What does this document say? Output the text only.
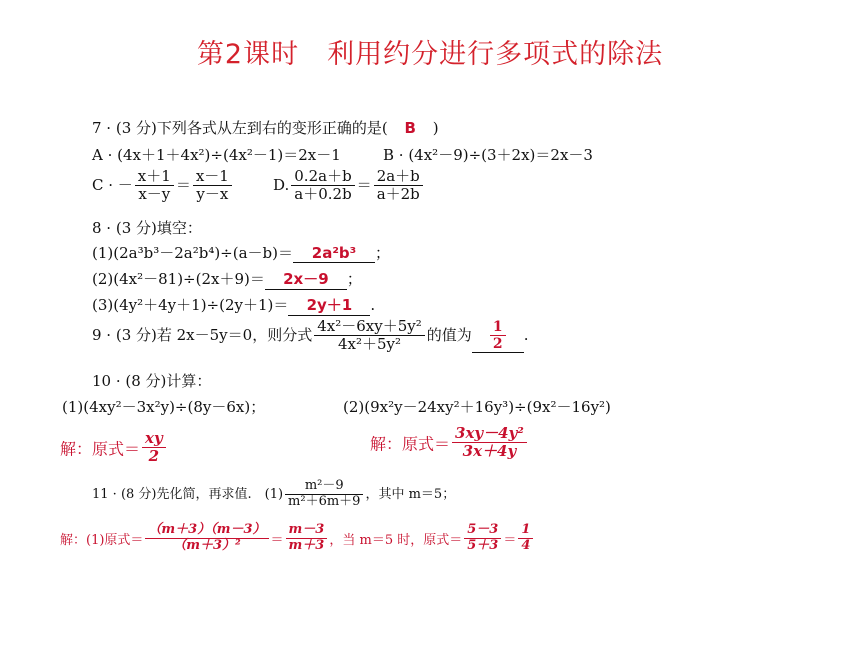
第2课时　利用约分进行多项式的除法
7 · (3 分)下列各式从左到右的变形正确的是( B )
A · (4x＋1＋4x²)÷(4x²－1)＝2x－1	B · (4x²－9)÷(3＋2x)＝2x－3
C · － $\frac{x+1}{x-y} = \frac{x-1}{y-x}$	D. $\frac{0.2a+b}{a+0.2b} = \frac{2a+b}{a+2b}$
8 · (3 分)填空：
(1)(2a³b³－2a²b⁴)÷(a－b)＝ 2a²b³ ；
(2)(4x²－81)÷(2x＋9)＝ 2x－9 ；
(3)(4y²＋4y＋1)÷(2y＋1)＝ 2y＋1 .
9 · (3 分)若 2x－5y＝0，则分式 $\frac{\text{4x²－6xy＋5y²}}{\text{4x²＋5y²}}$ 的值为 $\frac{1}{2}$ .
10 · (8 分)计算：
(1)(4xy²－3x²y)÷(8y－6x)；	(2)(9x²y－24xy²＋16y³)÷(9x²－16y²)
解：原式＝ $\frac{xy}{2}$	解：原式＝ $\frac{\text{3xy－4y²}}{3x+4y}$
11 · (8 分)先化简，再求值.　$(1) \frac{\text{m²－9}}{\text{m²＋6m＋9}}$ ，其中 m＝5；
解：(1)原式＝ $\frac{(m+3)(m-3)}{\text{（m＋3）²}} = \frac{m-3}{m+3}$ ，当 m＝5 时，原式＝ $\frac{5-3}{5+3} = \frac{1}{4}$
